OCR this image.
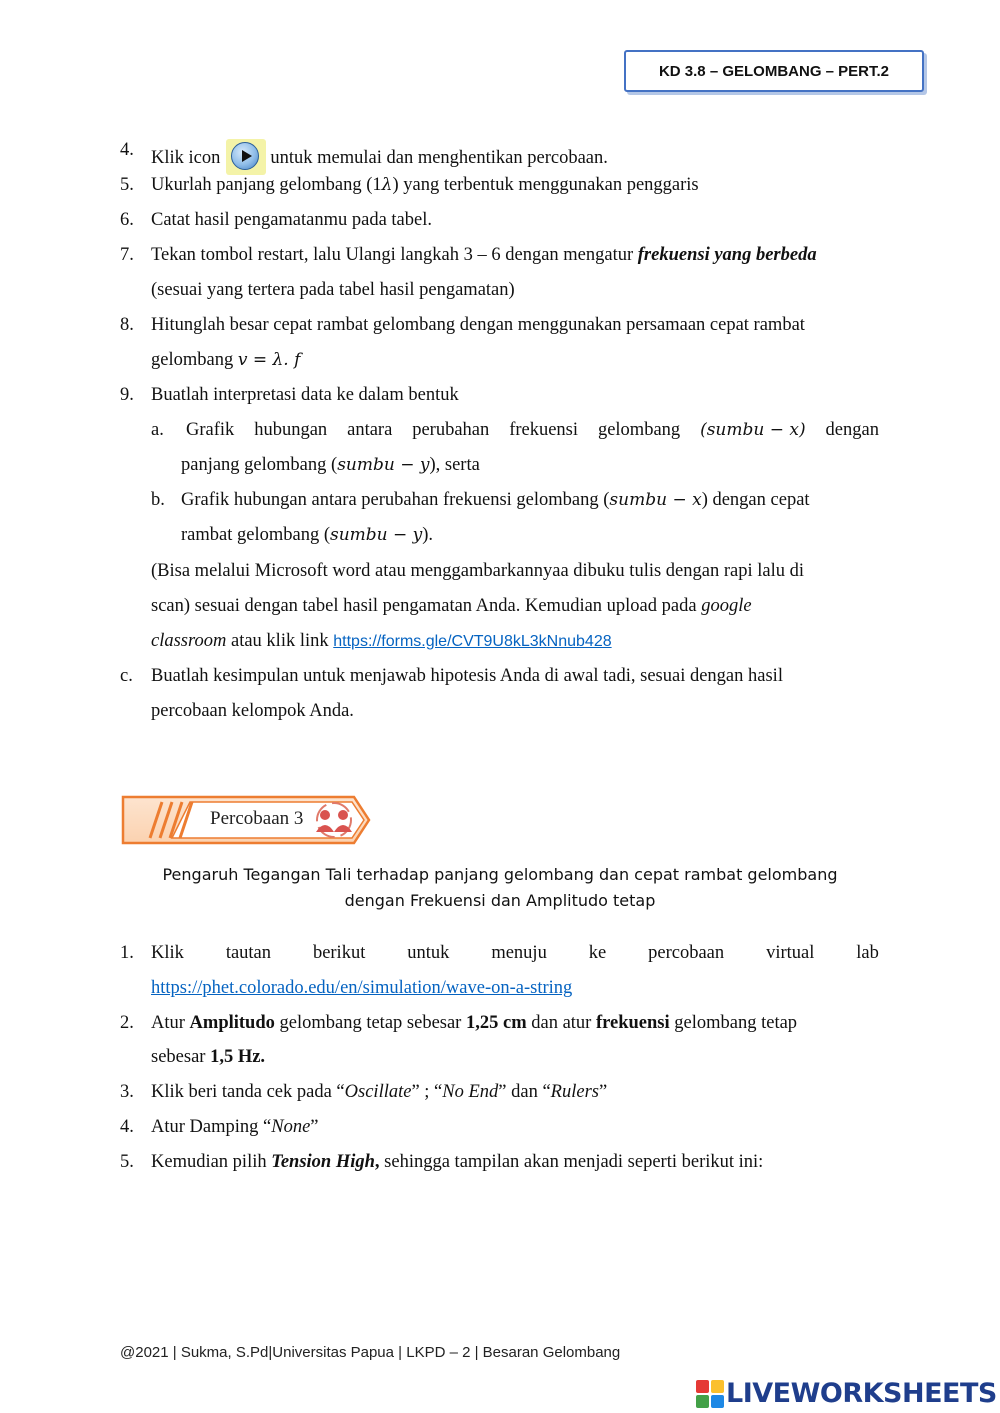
KD 3.8 – GELOMBANG – PERT.2
4. Klik icon	untuk memulai dan menghentikan percobaan.
5. Ukurlah panjang gelombang (1λ) yang terbentuk menggunakan penggaris
6. Catat hasil pengamatanmu pada tabel.
7. Tekan tombol restart, lalu Ulangi langkah 3 – 6 dengan mengatur frekuensi yang berbeda
(sesuai yang tertera pada tabel hasil pengamatan)
8. Hitunglah besar cepat rambat gelombang dengan menggunakan persamaan cepat rambat
gelombang v = λ. f
9. Buatlah interpretasi data ke dalam bentuk
a. Grafik hubungan antara perubahan frekuensi gelombang (sumbu − x) dengan
panjang gelombang (sumbu − y), serta
b. Grafik hubungan antara perubahan frekuensi gelombang (sumbu − x) dengan cepat
rambat gelombang (sumbu − y).
(Bisa melalui Microsoft word atau menggambarkannyaa dibuku tulis dengan rapi lalu di
scan) sesuai dengan tabel hasil pengamatan Anda. Kemudian upload pada google
classroom atau klik link https://forms.gle/CVT9U8kL3kNnub428
c. Buatlah kesimpulan untuk menjawab hipotesis Anda di awal tadi, sesuai dengan hasil
percobaan kelompok Anda.
Percobaan 3
Pengaruh Tegangan Tali terhadap panjang gelombang dan cepat rambat gelombang
dengan Frekuensi dan Amplitudo tetap
1. Klik tautan berikut untuk menuju ke percobaan virtual lab
https://phet.colorado.edu/en/simulation/wave-on-a-string
2. Atur Amplitudo gelombang tetap sebesar 1,25 cm dan atur frekuensi gelombang tetap
sebesar 1,5 Hz.
3. Klik beri tanda cek pada “Oscillate” ; “No End” dan “Rulers”
4. Atur Damping “None”
5. Kemudian pilih Tension High, sehingga tampilan akan menjadi seperti berikut ini:
@2021 | Sukma, S.Pd|Universitas Papua | LKPD – 2 | Besaran Gelombang
LIVEWORKSHEETS
